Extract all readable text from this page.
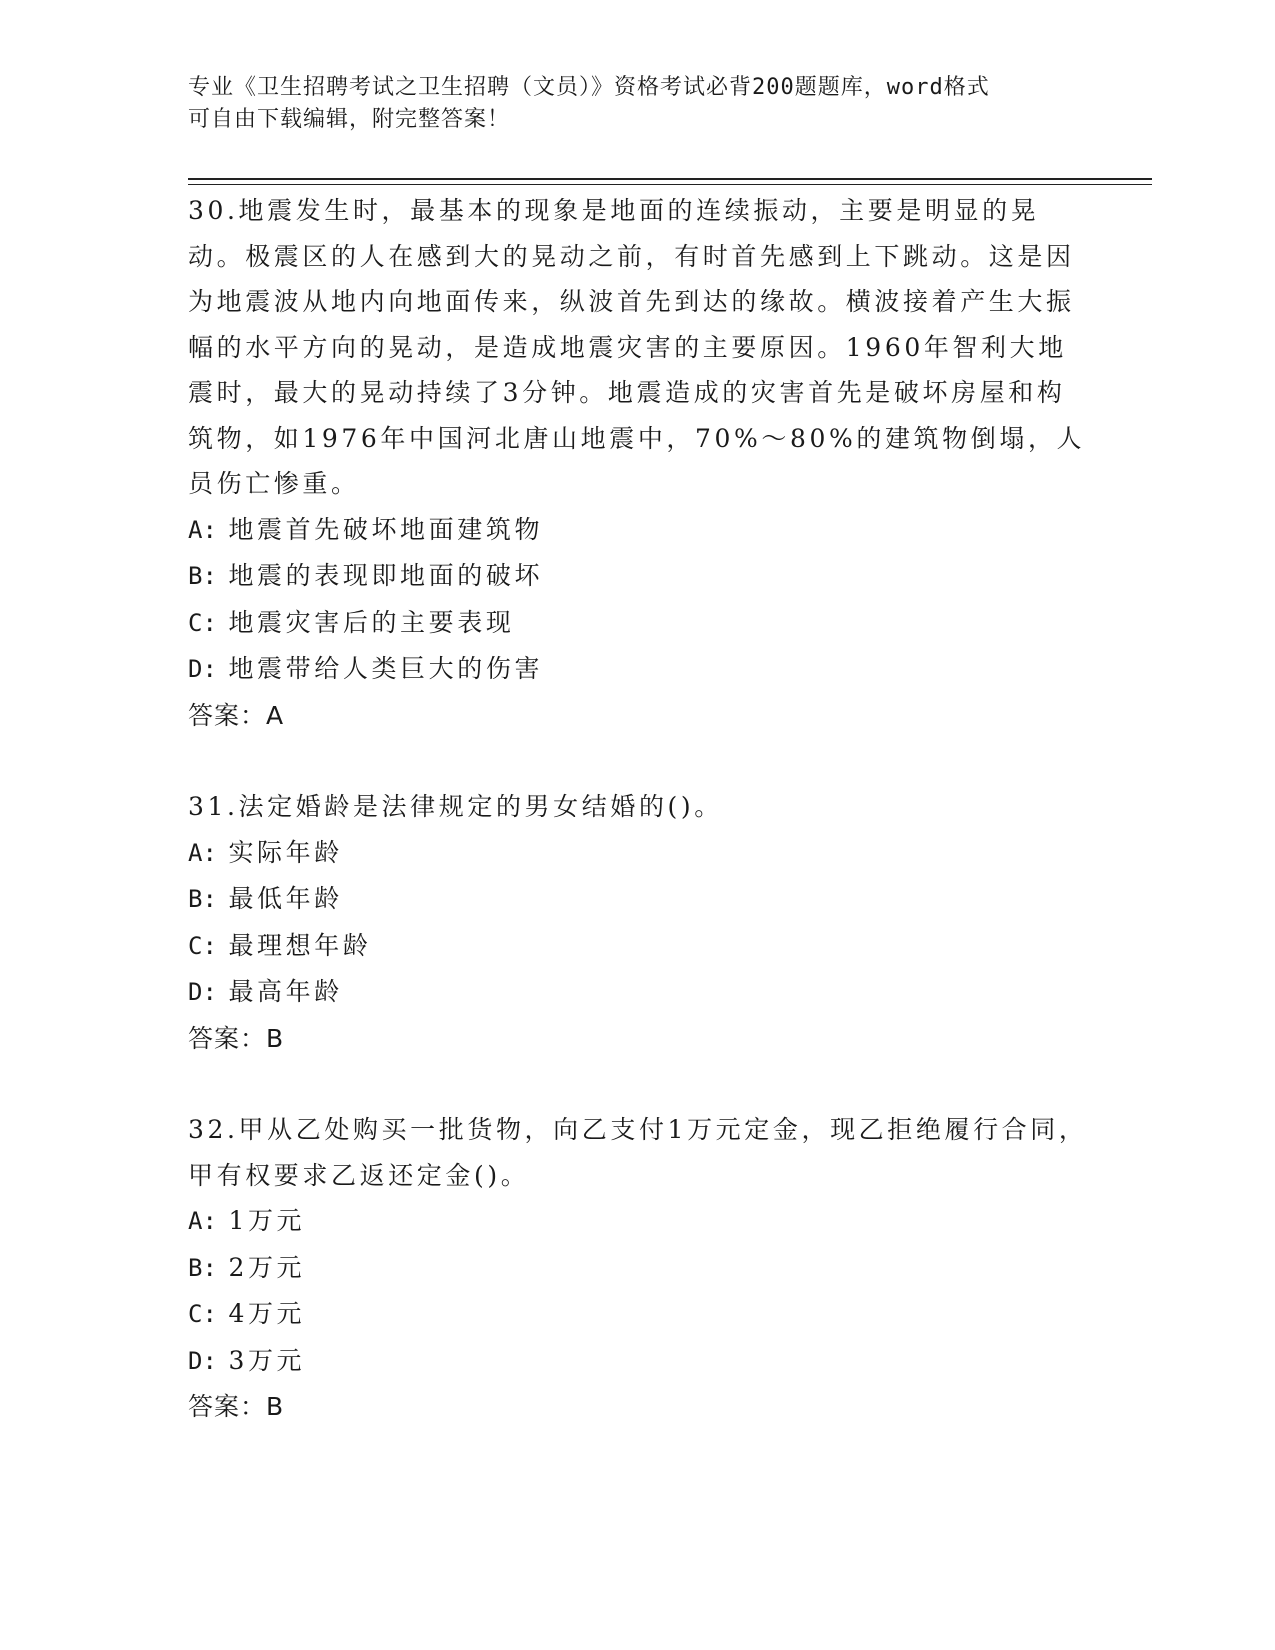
专业《卫生招聘考试之卫生招聘（文员）》资格考试必背200题题库，word格式
可自由下载编辑，附完整答案！

30.地震发生时，最基本的现象是地面的连续振动，主要是明显的晃动。极震区的人在感到大的晃动之前，有时首先感到上下跳动。这是因为地震波从地内向地面传来，纵波首先到达的缘故。横波接着产生大振幅的水平方向的晃动，是造成地震灾害的主要原因。1960年智利大地震时，最大的晃动持续了3分钟。地震造成的灾害首先是破坏房屋和构筑物，如1976年中国河北唐山地震中，70%～80%的建筑物倒塌，人员伤亡惨重。

A: 地震首先破坏地面建筑物

B: 地震的表现即地面的破坏

C: 地震灾害后的主要表现

D: 地震带给人类巨大的伤害

答案：A

31.法定婚龄是法律规定的男女结婚的()。

A: 实际年龄

B: 最低年龄

C: 最理想年龄

D: 最高年龄

答案：B

32.甲从乙处购买一批货物，向乙支付1万元定金，现乙拒绝履行合同，甲有权要求乙返还定金()。

A: 1万元

B: 2万元

C: 4万元

D: 3万元

答案：B
